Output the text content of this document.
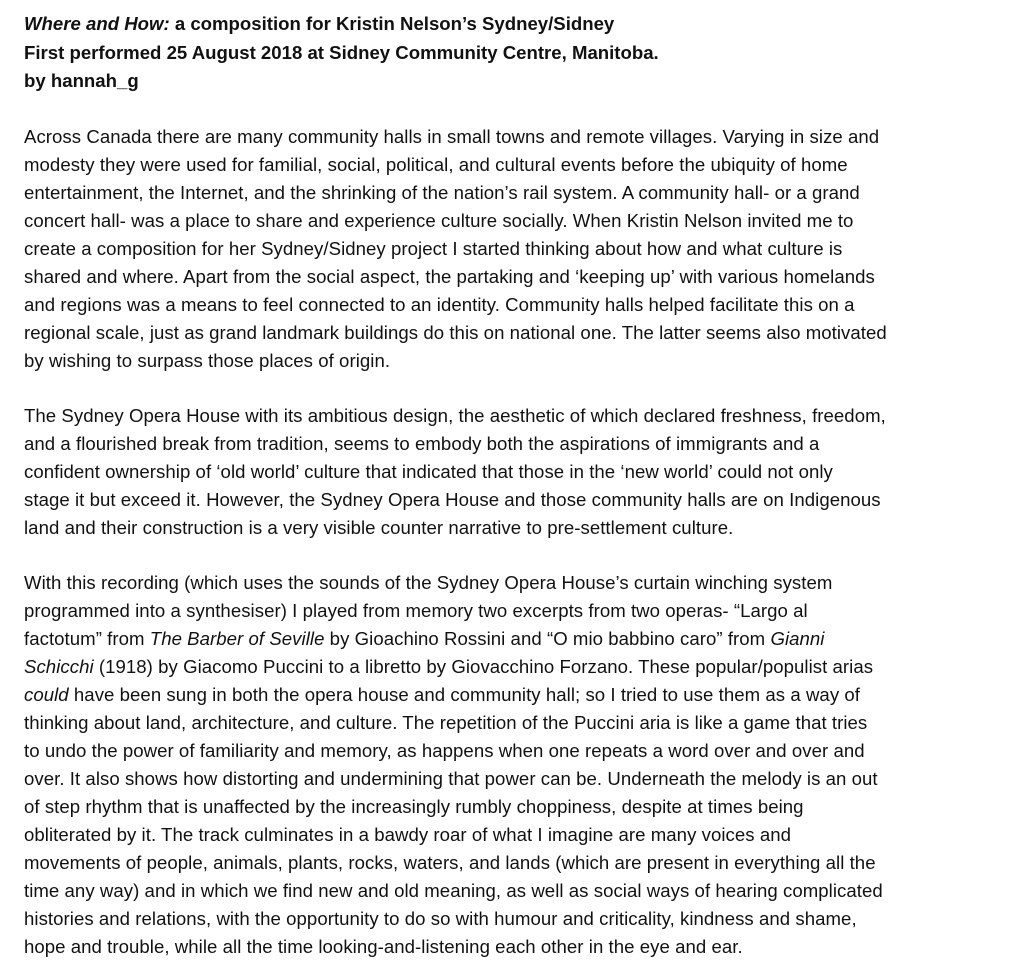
Where and How: a composition for Kristin Nelson’s Sydney/Sidney
First performed 25 August 2018 at Sidney Community Centre, Manitoba.
by hannah_g

Across Canada there are many community halls in small towns and remote villages. Varying in size and
modesty they were used for familial, social, political, and cultural events before the ubiquity of home
entertainment, the Internet, and the shrinking of the nation’s rail system. A community hall- or a grand
concert hall- was a place to share and experience culture socially. When Kristin Nelson invited me to
create a composition for her Sydney/Sidney project I started thinking about how and what culture is
shared and where. Apart from the social aspect, the partaking and ‘keeping up’ with various homelands
and regions was a means to feel connected to an identity. Community halls helped facilitate this on a
regional scale, just as grand landmark buildings do this on national one. The latter seems also motivated
by wishing to surpass those places of origin.

The Sydney Opera House with its ambitious design, the aesthetic of which declared freshness, freedom,
and a flourished break from tradition, seems to embody both the aspirations of immigrants and a
confident ownership of ‘old world’ culture that indicated that those in the ‘new world’ could not only
stage it but exceed it. However, the Sydney Opera House and those community halls are on Indigenous
land and their construction is a very visible counter narrative to pre-settlement culture.

With this recording (which uses the sounds of the Sydney Opera House’s curtain winching system
programmed into a synthesiser) I played from memory two excerpts from two operas- “Largo al
factotum” from The Barber of Seville by Gioachino Rossini and “O mio babbino caro” from Gianni
Schicchi (1918) by Giacomo Puccini to a libretto by Giovacchino Forzano. These popular/populist arias
could have been sung in both the opera house and community hall; so I tried to use them as a way of
thinking about land, architecture, and culture. The repetition of the Puccini aria is like a game that tries
to undo the power of familiarity and memory, as happens when one repeats a word over and over and
over. It also shows how distorting and undermining that power can be. Underneath the melody is an out
of step rhythm that is unaffected by the increasingly rumbly choppiness, despite at times being
obliterated by it. The track culminates in a bawdy roar of what I imagine are many voices and
movements of people, animals, plants, rocks, waters, and lands (which are present in everything all the
time any way) and in which we find new and old meaning, as well as social ways of hearing complicated
histories and relations, with the opportunity to do so with humour and criticality, kindness and shame,
hope and trouble, while all the time looking-and-listening each other in the eye and ear.
